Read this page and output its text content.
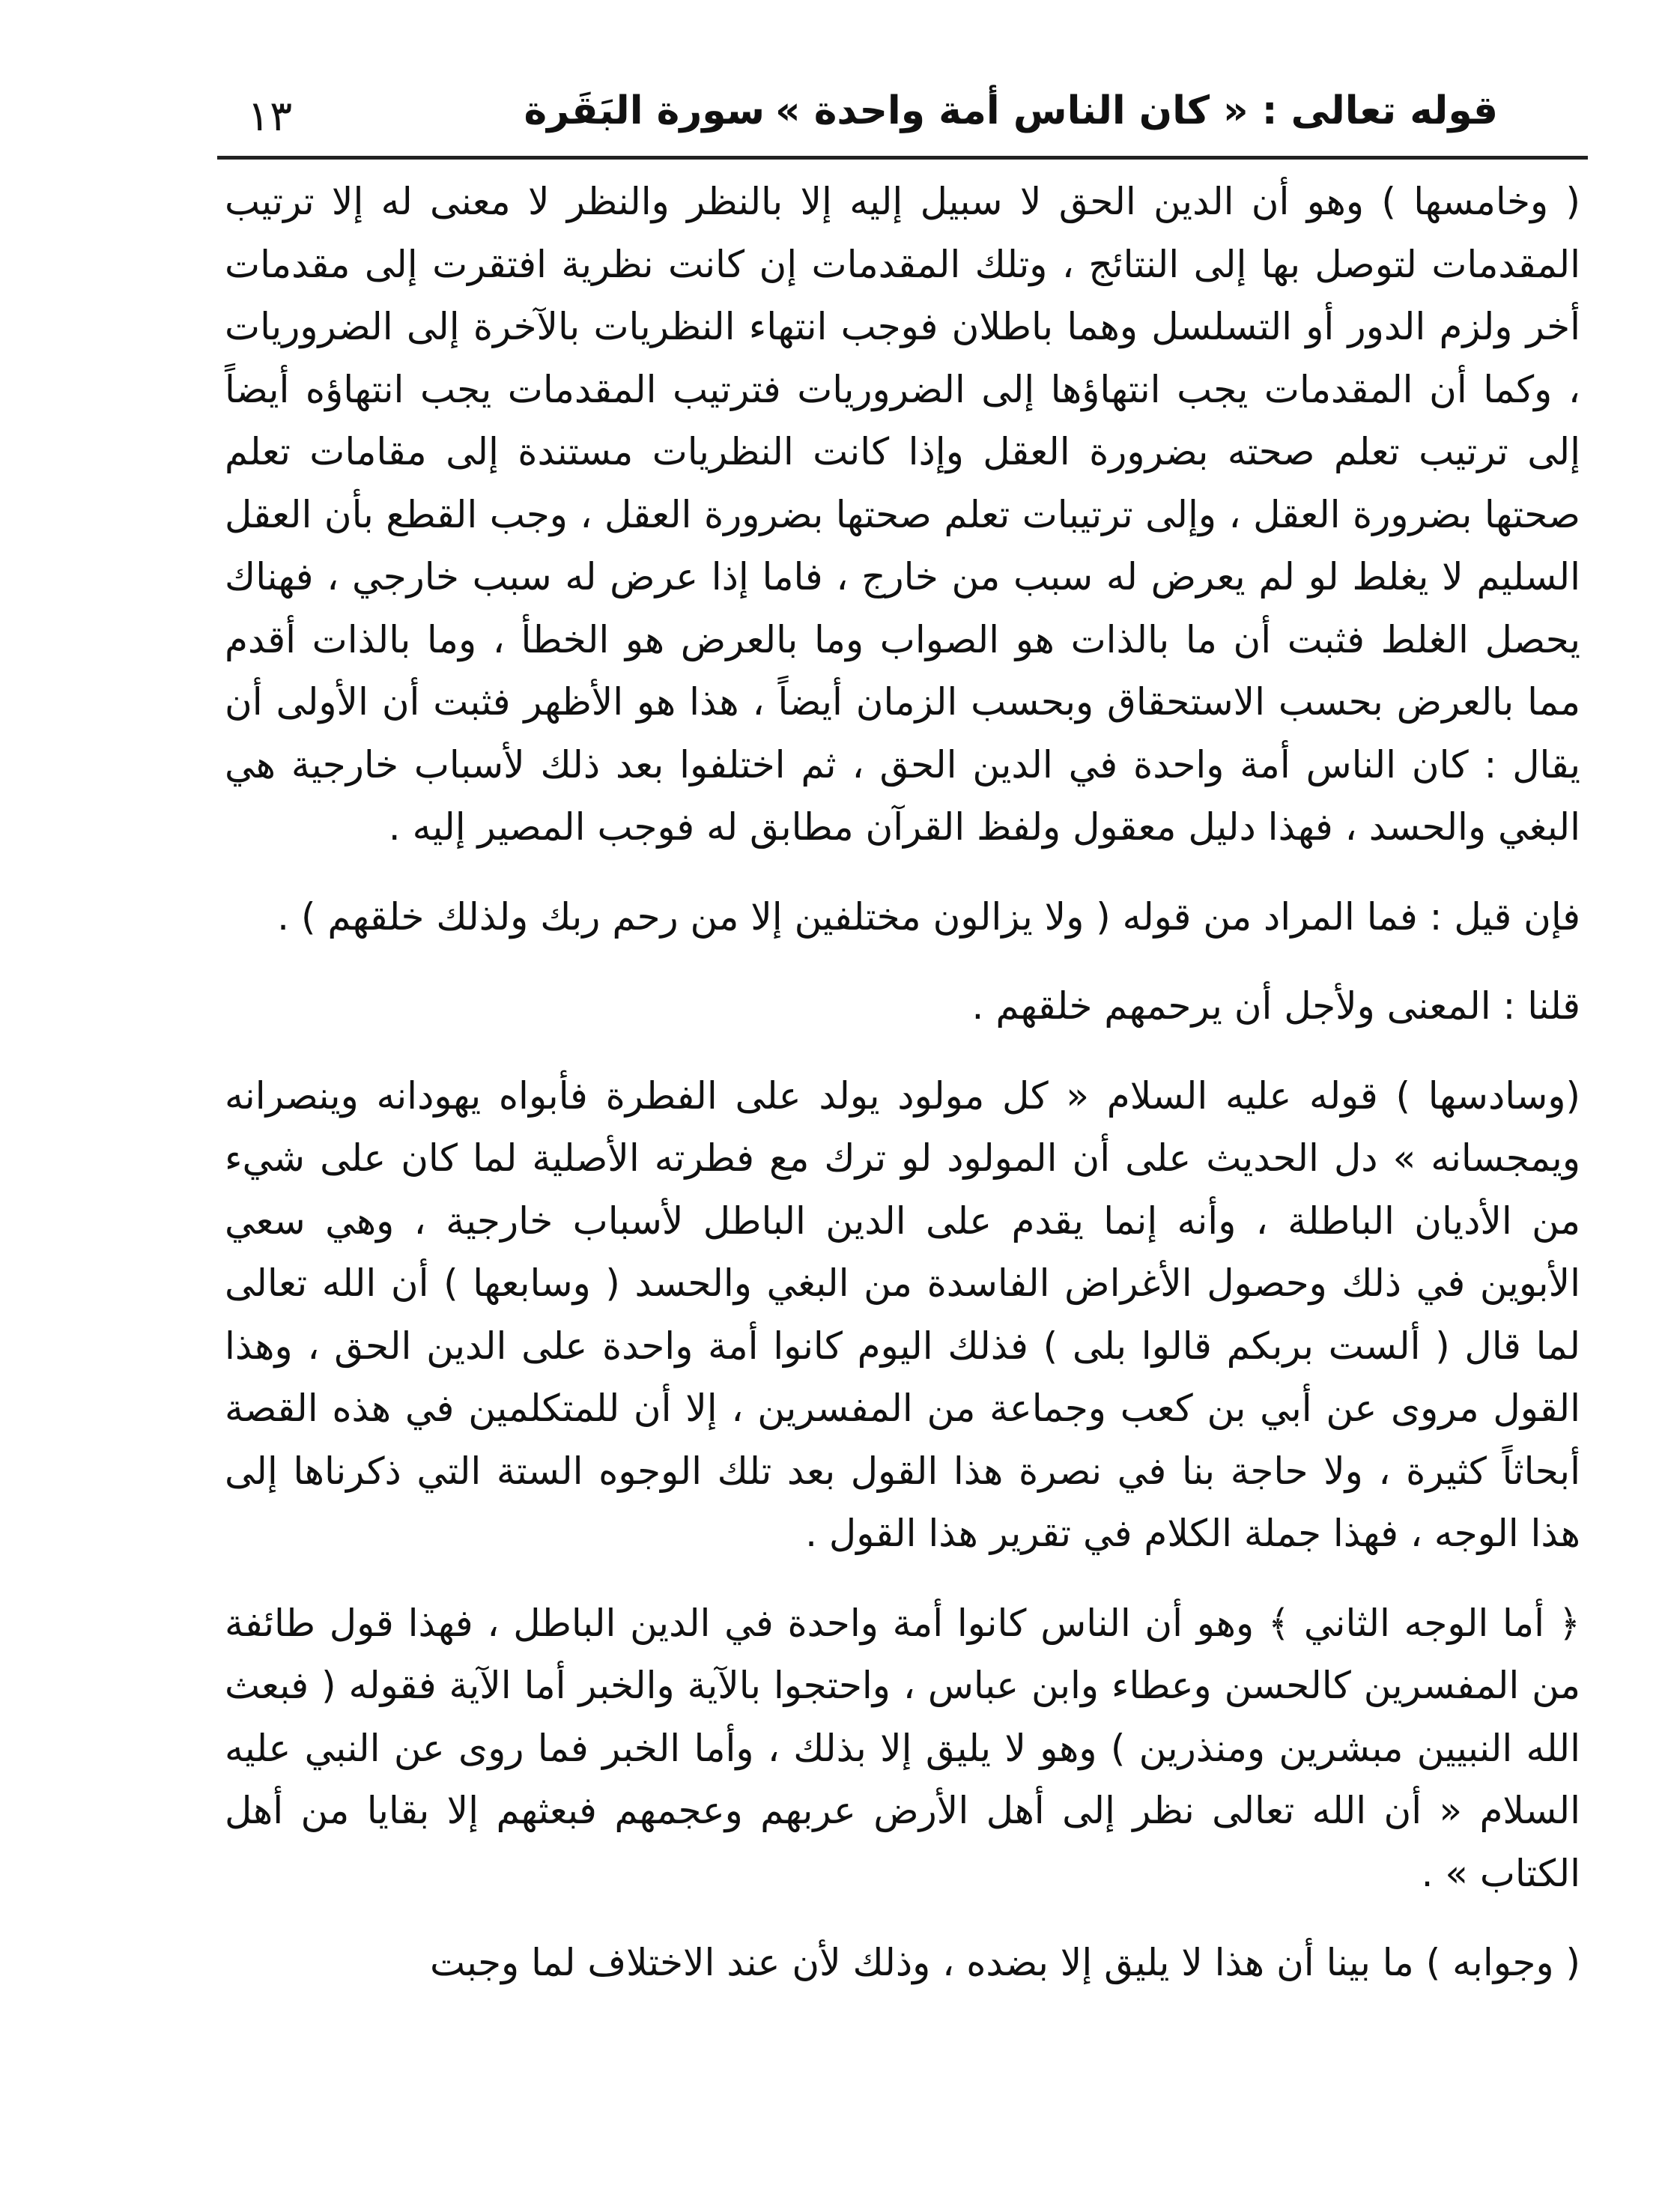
١٣	قوله تعالى : « كان الناس أمة واحدة »سورة البَقَرة

( وخامسها ) وهو أن الدين الحق لا سبيل إليه إلا بالنظر والنظر لا معنى له إلا ترتيب المقدمات لتوصل بها إلى النتائج ، وتلك المقدمات إن كانت نظرية افتقرت إلى مقدمات أخر ولزم الدور أو التسلسل وهما باطلان فوجب انتهاء النظريات بالآخرة إلى الضروريات ، وكما أن المقدمات يجب انتهاؤها إلى الضروريات فترتيب المقدمات يجب انتهاؤه أيضاً إلى ترتيب تعلم صحته بضرورة العقل وإذا كانت النظريات مستندة إلى مقامات تعلم صحتها بضرورة العقل ، وإلى ترتيبات تعلم صحتها بضرورة العقل ، وجب القطع بأن العقل السليم لا يغلط لو لم يعرض له سبب من خارج ، فاما إذا عرض له سبب خارجي ، فهناك يحصل الغلط فثبت أن ما بالذات هو الصواب وما بالعرض هو الخطأ ، وما بالذات أقدم مما بالعرض بحسب الاستحقاق وبحسب الزمان أيضاً ، هذا هو الأظهر فثبت أن الأولى أن يقال : كان الناس أمة واحدة في الدين الحق ، ثم اختلفوا بعد ذلك لأسباب خارجية هي البغي والحسد ، فهذا دليل معقول ولفظ القرآن مطابق له فوجب المصير إليه .

فإن قيل : فما المراد من قوله ( ولا يزالون مختلفين إلا من رحم ربك ولذلك خلقهم ) .

قلنا : المعنى ولأجل أن يرحمهم خلقهم .

(وسادسها ) قوله عليه السلام « كل مولود يولد على الفطرة فأبواه يهودانه وينصرانه ويمجسانه » دل الحديث على أن المولود لو ترك مع فطرته الأصلية لما كان على شيء من الأديان الباطلة ، وأنه إنما يقدم على الدين الباطل لأسباب خارجية ، وهي سعي الأبوين في ذلك وحصول الأغراض الفاسدة من البغي والحسد ( وسابعها ) أن الله تعالى لما قال ( ألست بربكم قالوا بلى ) فذلك اليوم كانوا أمة واحدة على الدين الحق ، وهذا القول مروى عن أبي بن كعب وجماعة من المفسرين ، إلا أن للمتكلمين في هذه القصة أبحاثاً كثيرة ، ولا حاجة بنا في نصرة هذا القول بعد تلك الوجوه الستة التي ذكرناها إلى هذا الوجه ، فهذا جملة الكلام في تقرير هذا القول .

﴿ أما الوجه الثاني ﴾ وهو أن الناس كانوا أمة واحدة في الدين الباطل ، فهذا قول طائفة من المفسرين كالحسن وعطاء وابن عباس ، واحتجوا بالآية والخبر أما الآية فقوله ( فبعث الله النبيين مبشرين ومنذرين ) وهو لا يليق إلا بذلك ، وأما الخبر فما روى عن النبي عليه السلام « أن الله تعالى نظر إلى أهل الأرض عربهم وعجمهم فبعثهم إلا بقايا من أهل الكتاب » .

( وجوابه ) ما بينا أن هذا لا يليق إلا بضده ، وذلك لأن عند الاختلاف لما وجبت
